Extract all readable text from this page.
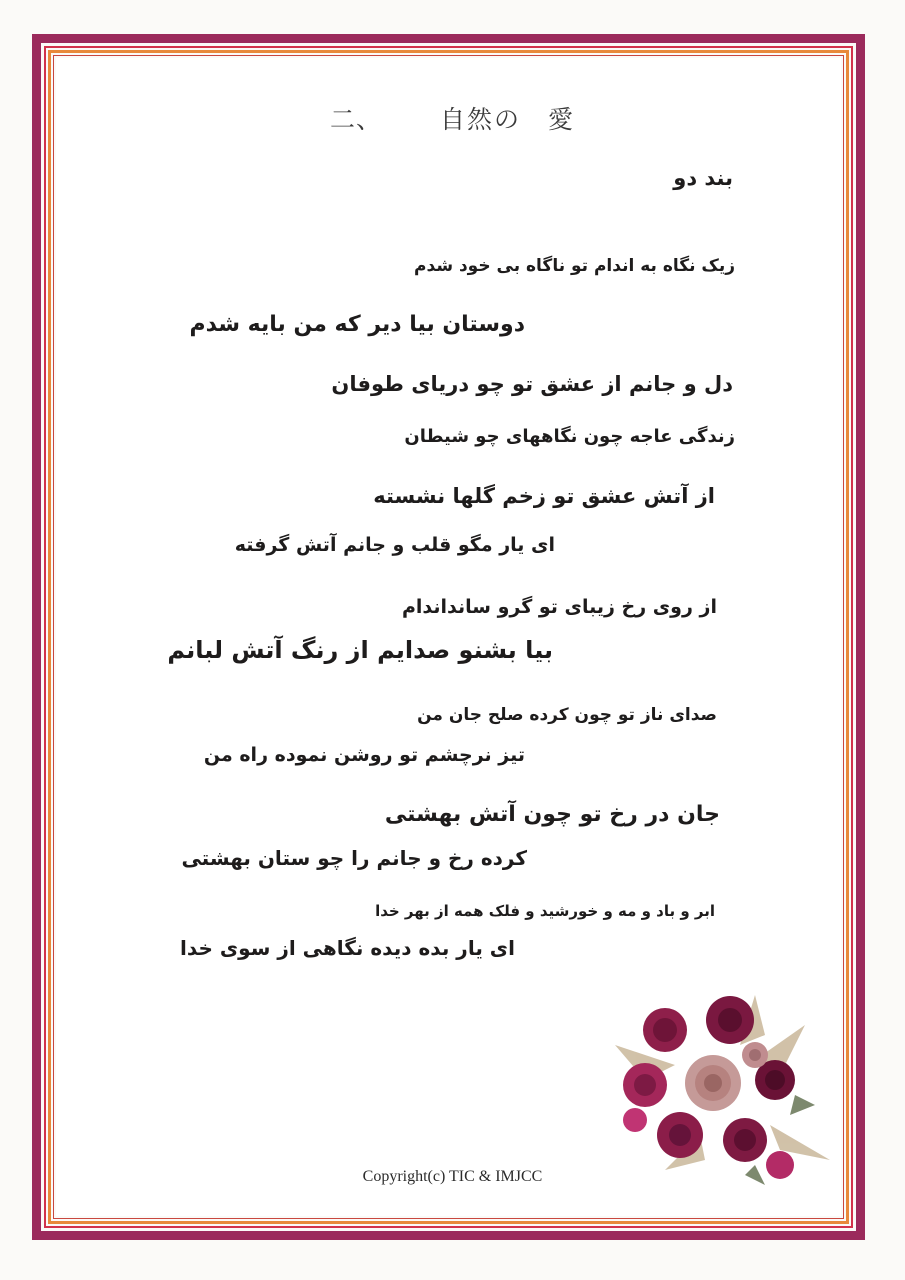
二、 自然の　愛
بند دو
زیک نگاه به اندام تو ناگاه بی خود شدم
دوستان بیا دیر که من بایه شدم
دل و جانم از عشق تو چو دریای طوفان
زندگی عاجه چون نگاههای چو شیطان
از آتش عشق تو زخم گلها نشسته
ای یار مگو قلب و جانم آتش گرفته
از روی رخ زیبای تو گرو سانداندام
بیا بشنو صدایم از رنگ آتش لبانم
صدای ناز تو چون کرده صلح جان من
تیز نرچشم تو روشن نموده راه من
جان در رخ تو چون آتش بهشتی
کرده رخ و جانم را چو ستان بهشتی
ابر و باد و مه و خورشید و فلک همه از بهر خدا
ای یار بده دیده نگاهی از سوی خدا
Copyright(c) TIC & IMJCC
